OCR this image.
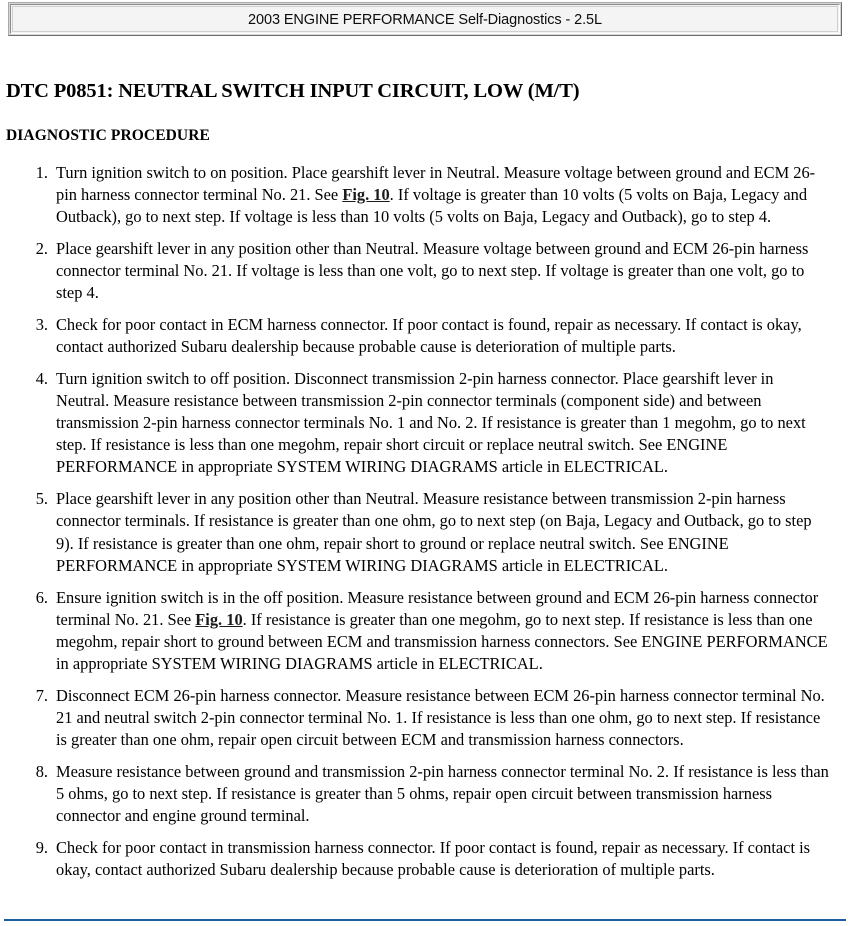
2003 ENGINE PERFORMANCE Self-Diagnostics - 2.5L
DTC P0851: NEUTRAL SWITCH INPUT CIRCUIT, LOW (M/T)
DIAGNOSTIC PROCEDURE
Turn ignition switch to on position. Place gearshift lever in Neutral. Measure voltage between ground and ECM 26-pin harness connector terminal No. 21. See Fig. 10. If voltage is greater than 10 volts (5 volts on Baja, Legacy and Outback), go to next step. If voltage is less than 10 volts (5 volts on Baja, Legacy and Outback), go to step 4.
Place gearshift lever in any position other than Neutral. Measure voltage between ground and ECM 26-pin harness connector terminal No. 21. If voltage is less than one volt, go to next step. If voltage is greater than one volt, go to step 4.
Check for poor contact in ECM harness connector. If poor contact is found, repair as necessary. If contact is okay, contact authorized Subaru dealership because probable cause is deterioration of multiple parts.
Turn ignition switch to off position. Disconnect transmission 2-pin harness connector. Place gearshift lever in Neutral. Measure resistance between transmission 2-pin connector terminals (component side) and between transmission 2-pin harness connector terminals No. 1 and No. 2. If resistance is greater than 1 megohm, go to next step. If resistance is less than one megohm, repair short circuit or replace neutral switch. See ENGINE PERFORMANCE in appropriate SYSTEM WIRING DIAGRAMS article in ELECTRICAL.
Place gearshift lever in any position other than Neutral. Measure resistance between transmission 2-pin harness connector terminals. If resistance is greater than one ohm, go to next step (on Baja, Legacy and Outback, go to step 9). If resistance is greater than one ohm, repair short to ground or replace neutral switch. See ENGINE PERFORMANCE in appropriate SYSTEM WIRING DIAGRAMS article in ELECTRICAL.
Ensure ignition switch is in the off position. Measure resistance between ground and ECM 26-pin harness connector terminal No. 21. See Fig. 10. If resistance is greater than one megohm, go to next step. If resistance is less than one megohm, repair short to ground between ECM and transmission harness connectors. See ENGINE PERFORMANCE in appropriate SYSTEM WIRING DIAGRAMS article in ELECTRICAL.
Disconnect ECM 26-pin harness connector. Measure resistance between ECM 26-pin harness connector terminal No. 21 and neutral switch 2-pin connector terminal No. 1. If resistance is less than one ohm, go to next step. If resistance is greater than one ohm, repair open circuit between ECM and transmission harness connectors.
Measure resistance between ground and transmission 2-pin harness connector terminal No. 2. If resistance is less than 5 ohms, go to next step. If resistance is greater than 5 ohms, repair open circuit between transmission harness connector and engine ground terminal.
Check for poor contact in transmission harness connector. If poor contact is found, repair as necessary. If contact is okay, contact authorized Subaru dealership because probable cause is deterioration of multiple parts.
